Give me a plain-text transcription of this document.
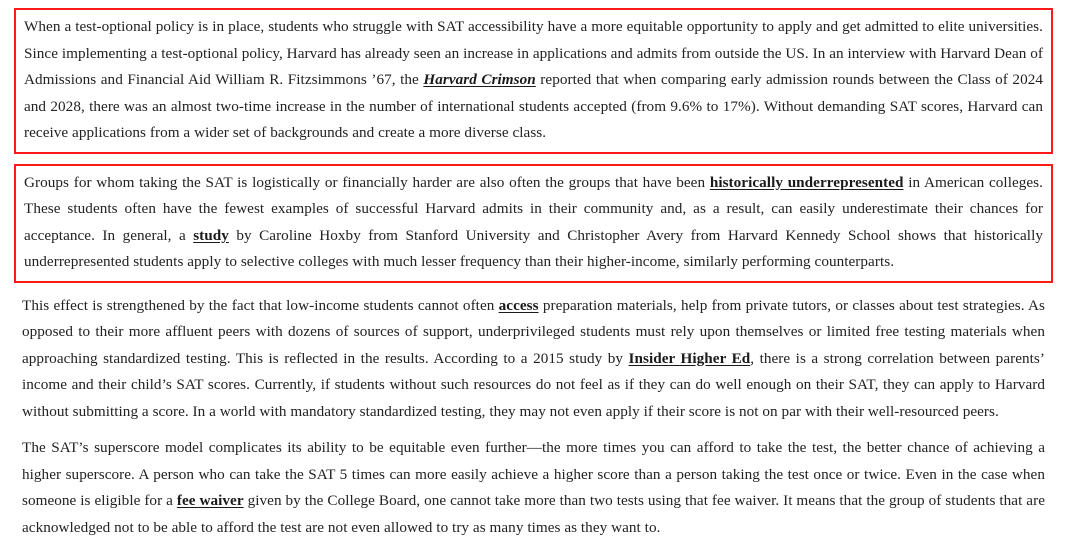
When a test-optional policy is in place, students who struggle with SAT accessibility have a more equitable opportunity to apply and get admitted to elite universities. Since implementing a test-optional policy, Harvard has already seen an increase in applications and admits from outside the US. In an interview with Harvard Dean of Admissions and Financial Aid William R. Fitzsimmons ’67, the Harvard Crimson reported that when comparing early admission rounds between the Class of 2024 and 2028, there was an almost two-time increase in the number of international students accepted (from 9.6% to 17%). Without demanding SAT scores, Harvard can receive applications from a wider set of backgrounds and create a more diverse class.

Groups for whom taking the SAT is logistically or financially harder are also often the groups that have been historically underrepresented in American colleges. These students often have the fewest examples of successful Harvard admits in their community and, as a result, can easily underestimate their chances for acceptance. In general, a study by Caroline Hoxby from Stanford University and Christopher Avery from Harvard Kennedy School shows that historically underrepresented students apply to selective colleges with much lesser frequency than their higher-income, similarly performing counterparts.

This effect is strengthened by the fact that low-income students cannot often access preparation materials, help from private tutors, or classes about test strategies. As opposed to their more affluent peers with dozens of sources of support, underprivileged students must rely upon themselves or limited free testing materials when approaching standardized testing. This is reflected in the results. According to a 2015 study by Insider Higher Ed, there is a strong correlation between parents’ income and their child’s SAT scores. Currently, if students without such resources do not feel as if they can do well enough on their SAT, they can apply to Harvard without submitting a score. In a world with mandatory standardized testing, they may not even apply if their score is not on par with their well-resourced peers.

The SAT’s superscore model complicates its ability to be equitable even further—the more times you can afford to take the test, the better chance of achieving a higher superscore. A person who can take the SAT 5 times can more easily achieve a higher score than a person taking the test once or twice. Even in the case when someone is eligible for a fee waiver given by the College Board, one cannot take more than two tests using that fee waiver. It means that the group of students that are acknowledged not to be able to afford the test are not even allowed to try as many times as they want to.
